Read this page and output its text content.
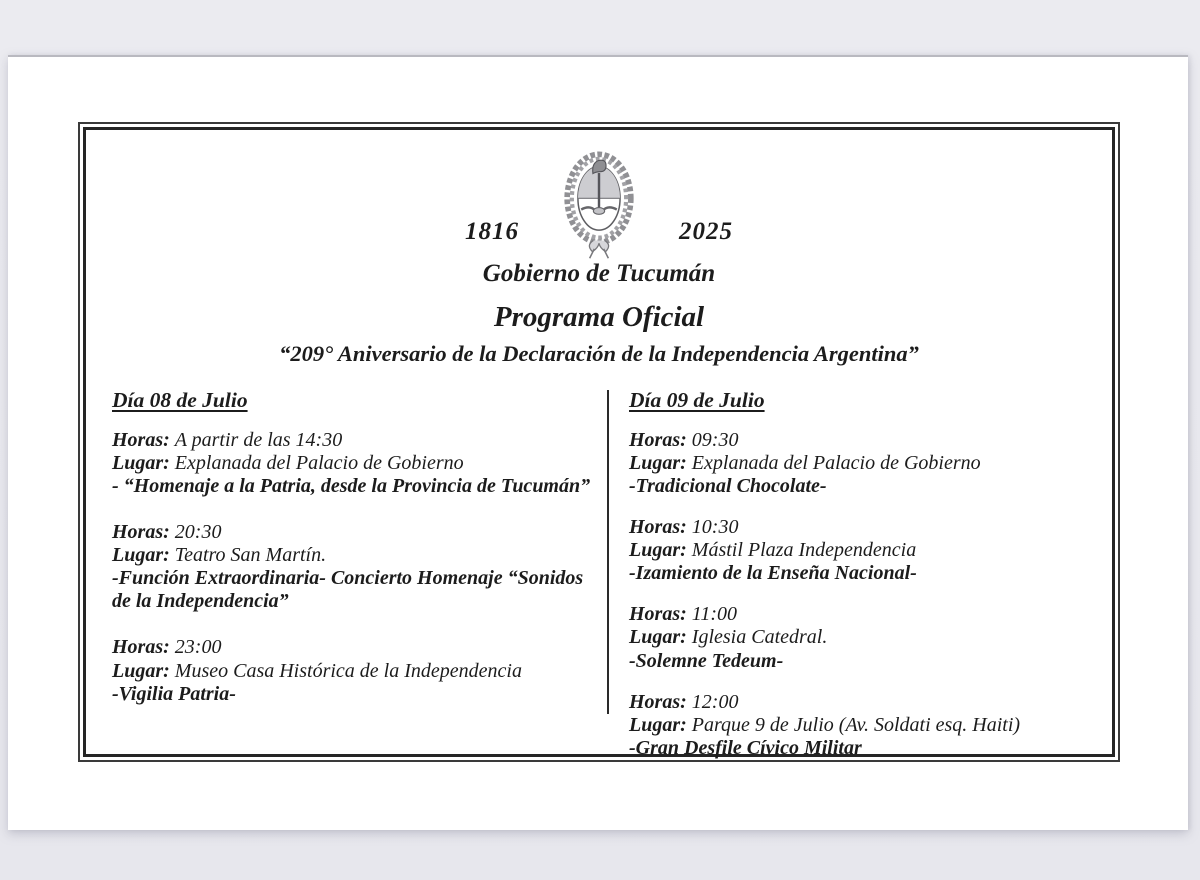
1816	2025
Gobierno de Tucumán
Programa Oficial
“209° Aniversario de la Declaración de la Independencia Argentina”
Día 08 de Julio

Horas: A partir de las 14:30
Lugar: Explanada del Palacio de Gobierno
- “Homenaje a la Patria, desde la Provincia de Tucumán”

Horas: 20:30
Lugar: Teatro San Martín.
-Función Extraordinaria- Concierto Homenaje “Sonidos de la Independencia”

Horas: 23:00
Lugar: Museo Casa Histórica de la Independencia
-Vigilia Patria-

Día 09 de Julio

Horas: 09:30
Lugar: Explanada del Palacio de Gobierno
-Tradicional Chocolate-

Horas: 10:30
Lugar: Mástil Plaza Independencia
-Izamiento de la Enseña Nacional-

Horas: 11:00
Lugar: Iglesia Catedral.
-Solemne Tedeum-

Horas: 12:00
Lugar: Parque 9 de Julio (Av. Soldati esq. Haiti)
-Gran Desfile Cívico Militar
